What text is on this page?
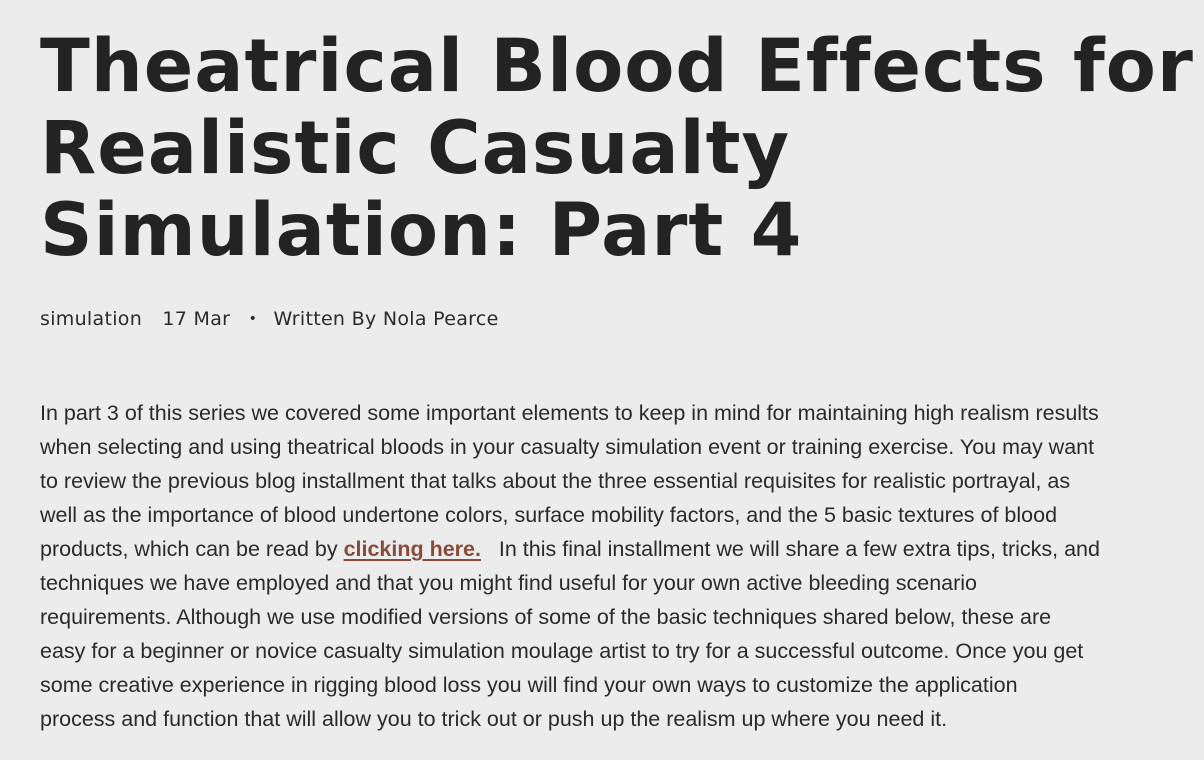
Theatrical Blood Effects for
Realistic Casualty
Simulation: Part 4
simulation 17 Mar • Written By Nola Pearce

In part 3 of this series we covered some important elements to keep in mind for maintaining high realism results
when selecting and using theatrical bloods in your casualty simulation event or training exercise. You may want
to review the previous blog installment that talks about the three essential requisites for realistic portrayal, as
well as the importance of blood undertone colors, surface mobility factors, and the 5 basic textures of blood
products, which can be read by clicking here.   In this final installment we will share a few extra tips, tricks, and
techniques we have employed and that you might find useful for your own active bleeding scenario
requirements. Although we use modified versions of some of the basic techniques shared below, these are
easy for a beginner or novice casualty simulation moulage artist to try for a successful outcome. Once you get
some creative experience in rigging blood loss you will find your own ways to customize the application
process and function that will allow you to trick out or push up the realism up where you need it.
